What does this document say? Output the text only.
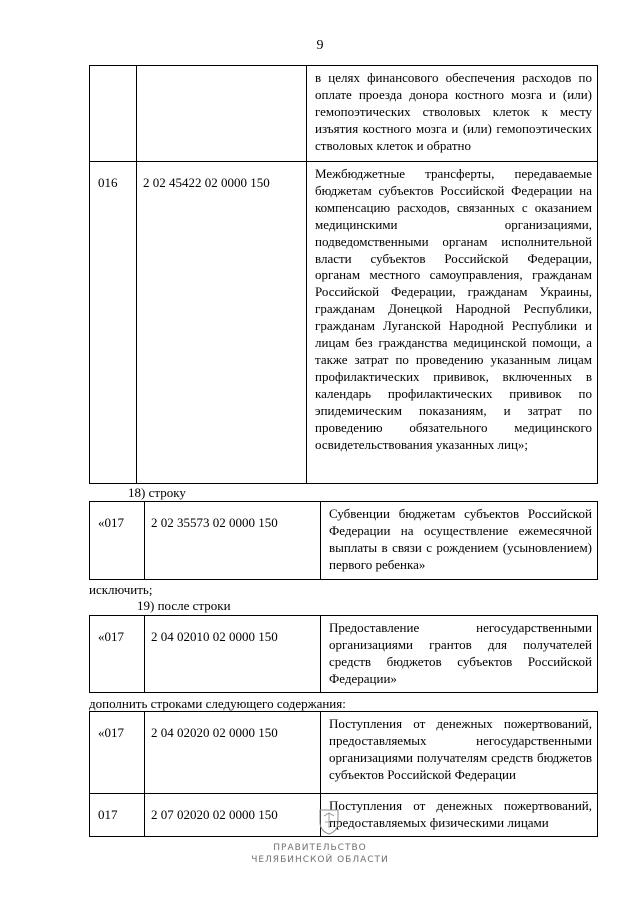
9
		в целях финансового обеспечения расходов по оплате проезда донора костного мозга и (или) гемопоэтических стволовых клеток к месту изъятия костного мозга и (или) гемопоэтических стволовых клеток и обратно
016	2 02 45422 02 0000 150	Межбюджетные трансферты, передаваемые бюджетам субъектов Российской Федерации на компенсацию расходов, связанных с оказанием медицинскими организациями, подведомственными органам исполнительной власти субъектов Российской Федерации, органам местного самоуправления, гражданам Российской Федерации, гражданам Украины, гражданам Донецкой Народной Республики, гражданам Луганской Народной Республики и лицам без гражданства медицинской помощи, а также затрат по проведению указанным лицам профилактических прививок, включенных в календарь профилактических прививок по эпидемическим показаниям, и затрат по проведению обязательного медицинского освидетельствования указанных лиц»;
18) строку
«017	2 02 35573 02 0000 150	Субвенции бюджетам субъектов Российской Федерации на осуществление ежемесячной выплаты в связи с рождением (усыновлением) первого ребенка»
исключить;
19) после строки
«017	2 04 02010 02 0000 150	Предоставление негосударственными организациями грантов для получателей средств бюджетов субъектов Российской Федерации»
дополнить строками следующего содержания:
«017	2 04 02020 02 0000 150	Поступления от денежных пожертвований, предоставляемых негосударственными организациями получателям средств бюджетов субъектов Российской Федерации
017	2 07 02020 02 0000 150	Поступления от денежных пожертвований, предоставляемых физическими лицами
ПРАВИТЕЛЬСТВО
ЧЕЛЯБИНСКОЙ ОБЛАСТИ
